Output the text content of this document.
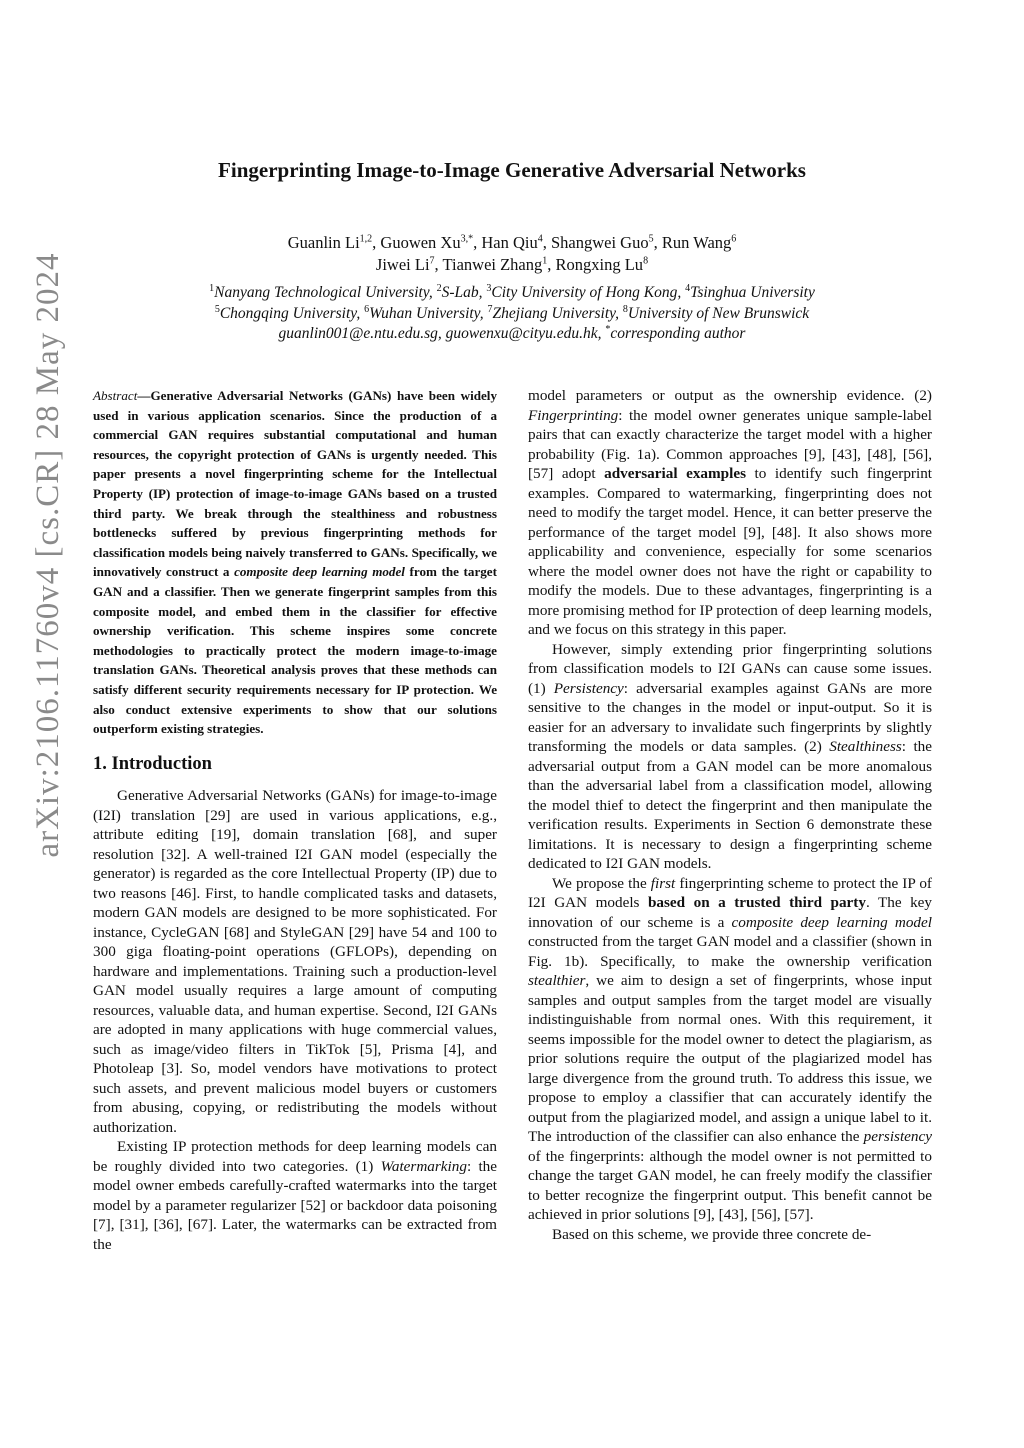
arXiv:2106.11760v4 [cs.CR] 28 May 2024
Fingerprinting Image-to-Image Generative Adversarial Networks
Guanlin Li$^{1,2}$, Guowen $Xu^{3,*}$, Han Qiu$^4$, Shangwei Guo$^5$, Run Wang$^6$
Jiwei Li$^7$, Tianwei Zhang$^1$, Rongxing Lu$^8$
$^1$Nanyang Technological University, $^2$S-Lab, $^3$City University of Hong Kong, $^4$Tsinghua University
$^5$Chongqing University, $^6$Wuhan University, $^7$Zhejiang University, $^8$University of New Brunswick
guanlin001@e.ntu.edu.sg, guowenxu@cityu.edu.hk, *corresponding author
Abstract—Generative Adversarial Networks (GANs) have been widely used in various application scenarios. Since the production of a commercial GAN requires substantial computational and human resources, the copyright protection of GANs is urgently needed. This paper presents a novel fingerprinting scheme for the Intellectual Property (IP) protection of image-to-image GANs based on a trusted third party. We break through the stealthiness and robustness bottlenecks suffered by previous fingerprinting methods for classification models being naively transferred to GANs. Specifically, we innovatively construct a composite deep learning model from the target GAN and a classifier. Then we generate fingerprint samples from this composite model, and embed them in the classifier for effective ownership verification. This scheme inspires some concrete methodologies to practically protect the modern image-to-image translation GANs. Theoretical analysis proves that these methods can satisfy different security requirements necessary for IP protection. We also conduct extensive experiments to show that our solutions outperform existing strategies.
1. Introduction

Generative Adversarial Networks (GANs) for image-to-image (I2I) translation [29] are used in various applications, e.g., attribute editing [19], domain translation [68], and super resolution [32]. A well-trained I2I GAN model (especially the generator) is regarded as the core Intellectual Property (IP) due to two reasons [46]. First, to handle complicated tasks and datasets, modern GAN models are designed to be more sophisticated. For instance, CycleGAN [68] and StyleGAN [29] have 54 and 100 to 300 giga floating-point operations (GFLOPs), depending on hardware and implementations. Training such a production-level GAN model usually requires a large amount of computing resources, valuable data, and human expertise. Second, I2I GANs are adopted in many applications with huge commercial values, such as image/video filters in TikTok [5], Prisma [4], and Photoleap [3]. So, model vendors have motivations to protect such assets, and prevent malicious model buyers or customers from abusing, copying, or redistributing the models without authorization.

Existing IP protection methods for deep learning models can be roughly divided into two categories. (1) Watermarking: the model owner embeds carefully-crafted watermarks into the target model by a parameter regularizer [52] or backdoor data poisoning [7], [31], [36], [67]. Later, the watermarks can be extracted from the

model parameters or output as the ownership evidence. (2) Fingerprinting: the model owner generates unique sample-label pairs that can exactly characterize the target model with a higher probability (Fig. 1a). Common approaches [9], [43], [48], [56], [57] adopt adversarial examples to identify such fingerprint examples. Compared to watermarking, fingerprinting does not need to modify the target model. Hence, it can better preserve the performance of the target model [9], [48]. It also shows more applicability and convenience, especially for some scenarios where the model owner does not have the right or capability to modify the models. Due to these advantages, fingerprinting is a more promising method for IP protection of deep learning models, and we focus on this strategy in this paper.

However, simply extending prior fingerprinting solutions from classification models to I2I GANs can cause some issues. (1) Persistency: adversarial examples against GANs are more sensitive to the changes in the model or input-output. So it is easier for an adversary to invalidate such fingerprints by slightly transforming the models or data samples. (2) Stealthiness: the adversarial output from a GAN model can be more anomalous than the adversarial label from a classification model, allowing the model thief to detect the fingerprint and then manipulate the verification results. Experiments in Section 6 demonstrate these limitations. It is necessary to design a fingerprinting scheme dedicated to I2I GAN models.

We propose the first fingerprinting scheme to protect the IP of I2I GAN models based on a trusted third party. The key innovation of our scheme is a composite deep learning model constructed from the target GAN model and a classifier (shown in Fig. 1b). Specifically, to make the ownership verification stealthier, we aim to design a set of fingerprints, whose input samples and output samples from the target model are visually indistinguishable from normal ones. With this requirement, it seems impossible for the model owner to detect the plagiarism, as prior solutions require the output of the plagiarized model has large divergence from the ground truth. To address this issue, we propose to employ a classifier that can accurately identify the output from the plagiarized model, and assign a unique label to it. The introduction of the classifier can also enhance the persistency of the fingerprints: although the model owner is not permitted to change the target GAN model, he can freely modify the classifier to better recognize the fingerprint output. This benefit cannot be achieved in prior solutions [9], [43], [56], [57].

Based on this scheme, we provide three concrete de-
